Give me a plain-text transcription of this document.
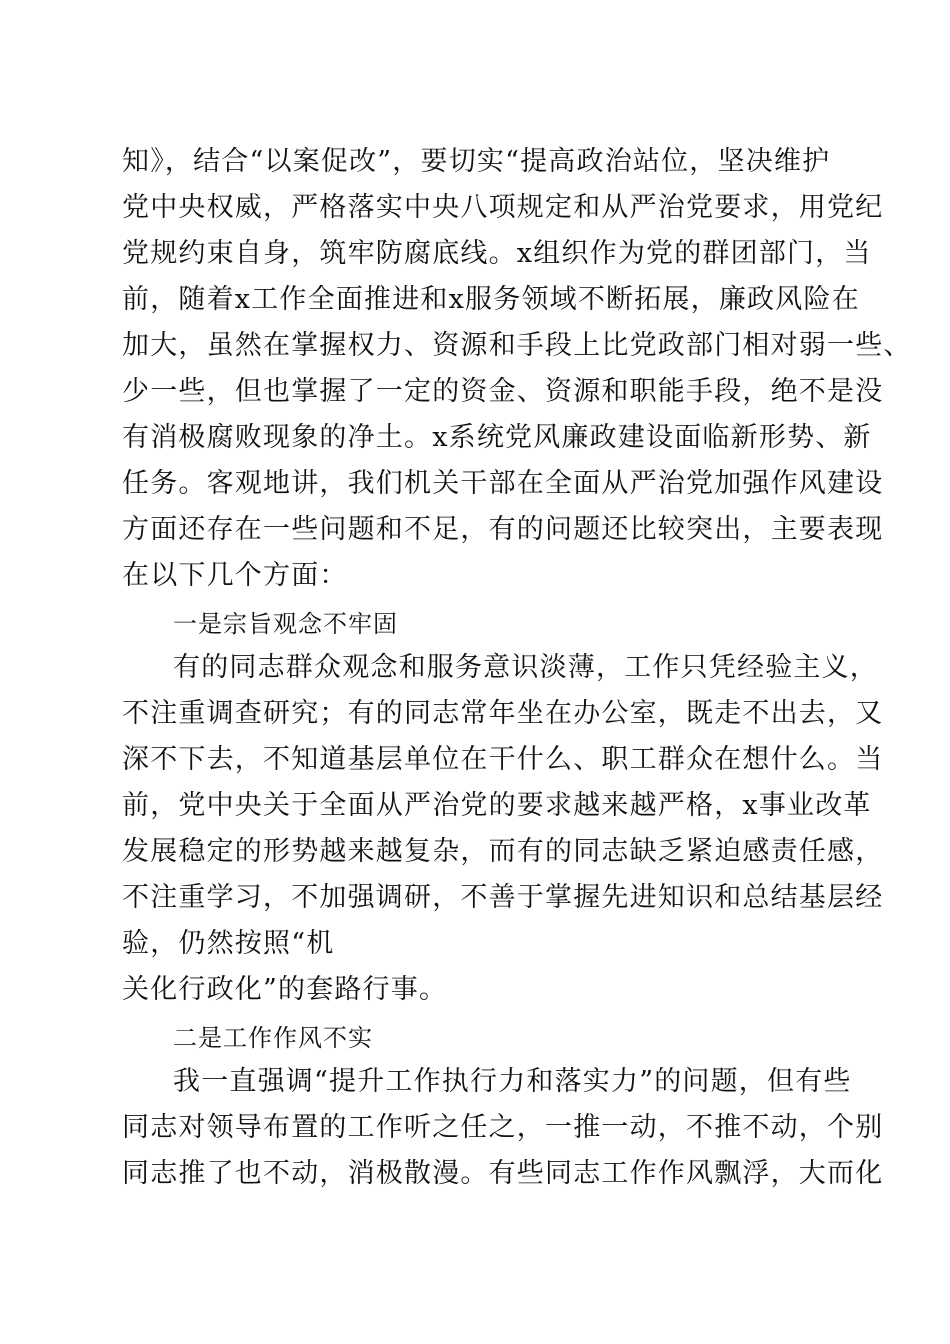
知》，结合“以案促改”，要切实“提高政治站位，坚决维护
党中央权威，严格落实中央八项规定和从严治党要求，用党纪
党规约束自身，筑牢防腐底线。x组织作为党的群团部门，当
前，随着x工作全面推进和x服务领域不断拓展，廉政风险在
加大，虽然在掌握权力、资源和手段上比党政部门相对弱一些、
少一些，但也掌握了一定的资金、资源和职能手段，绝不是没
有消极腐败现象的净土。x系统党风廉政建设面临新形势、新
任务。客观地讲，我们机关干部在全面从严治党加强作风建设
方面还存在一些问题和不足，有的问题还比较突出，主要表现
在以下几个方面：
一是宗旨观念不牢固
有的同志群众观念和服务意识淡薄，工作只凭经验主义，
不注重调查研究；有的同志常年坐在办公室，既走不出去，又
深不下去，不知道基层单位在干什么、职工群众在想什么。当
前，党中央关于全面从严治党的要求越来越严格，x事业改革
发展稳定的形势越来越复杂，而有的同志缺乏紧迫感责任感，
不注重学习，不加强调研，不善于掌握先进知识和总结基层经
验，仍然按照“机
关化行政化”的套路行事。
二是工作作风不实
我一直强调“提升工作执行力和落实力”的问题，但有些
同志对领导布置的工作听之任之，一推一动，不推不动，个别
同志推了也不动，消极散漫。有些同志工作作风飘浮，大而化
